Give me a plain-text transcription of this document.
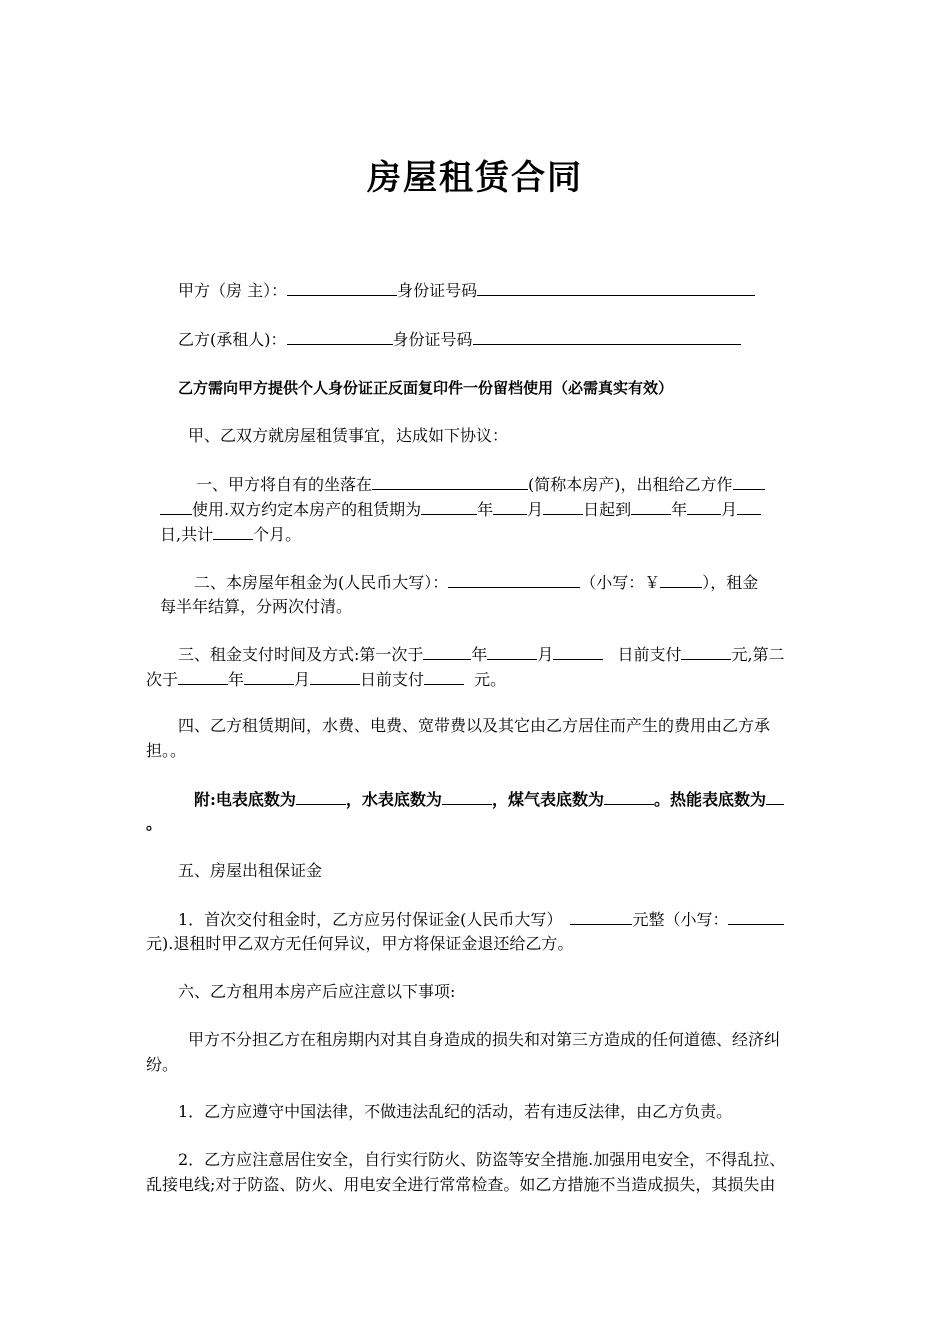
房屋租赁合同
甲方（房 主）：	身份证号码
乙方(承租人)：	身份证号码
乙方需向甲方提供个人身份证正反面复印件一份留档使用（必需真实有效）
甲、乙双方就房屋租赁事宜，达成如下协议：
一、甲方将自有的坐落在	(简称本房产)，出租给乙方作
使用.双方约定本房产的租赁期为	年 月	日起到	年 月
日,共计	个月。
二、本房屋年租金为(人民币大写）：	（小写：￥	），租金
每半年结算，分两次付清。
三、租金支付时间及方式:第一次于	年	月	日前支付	元,第二
次于	年	月	日前支付	元。
四、乙方租赁期间，水费、电费、宽带费以及其它由乙方居住而产生的费用由乙方承
担。。
附:电表底数为	，水表底数为	，煤气表底数为	。热能表底数为
。
五、房屋出租保证金
1．首次交付租金时，乙方应另付保证金(人民币大写）	元整（小写：
元).退租时甲乙双方无任何异议，甲方将保证金退还给乙方。
六、乙方租用本房产后应注意以下事项:
甲方不分担乙方在租房期内对其自身造成的损失和对第三方造成的任何道德、经济纠
纷。
1．乙方应遵守中国法律，不做违法乱纪的活动，若有违反法律，由乙方负责。
2．乙方应注意居住安全，自行实行防火、防盗等安全措施.加强用电安全，不得乱拉、
乱接电线;对于防盗、防火、用电安全进行常常检查。如乙方措施不当造成损失，其损失由
